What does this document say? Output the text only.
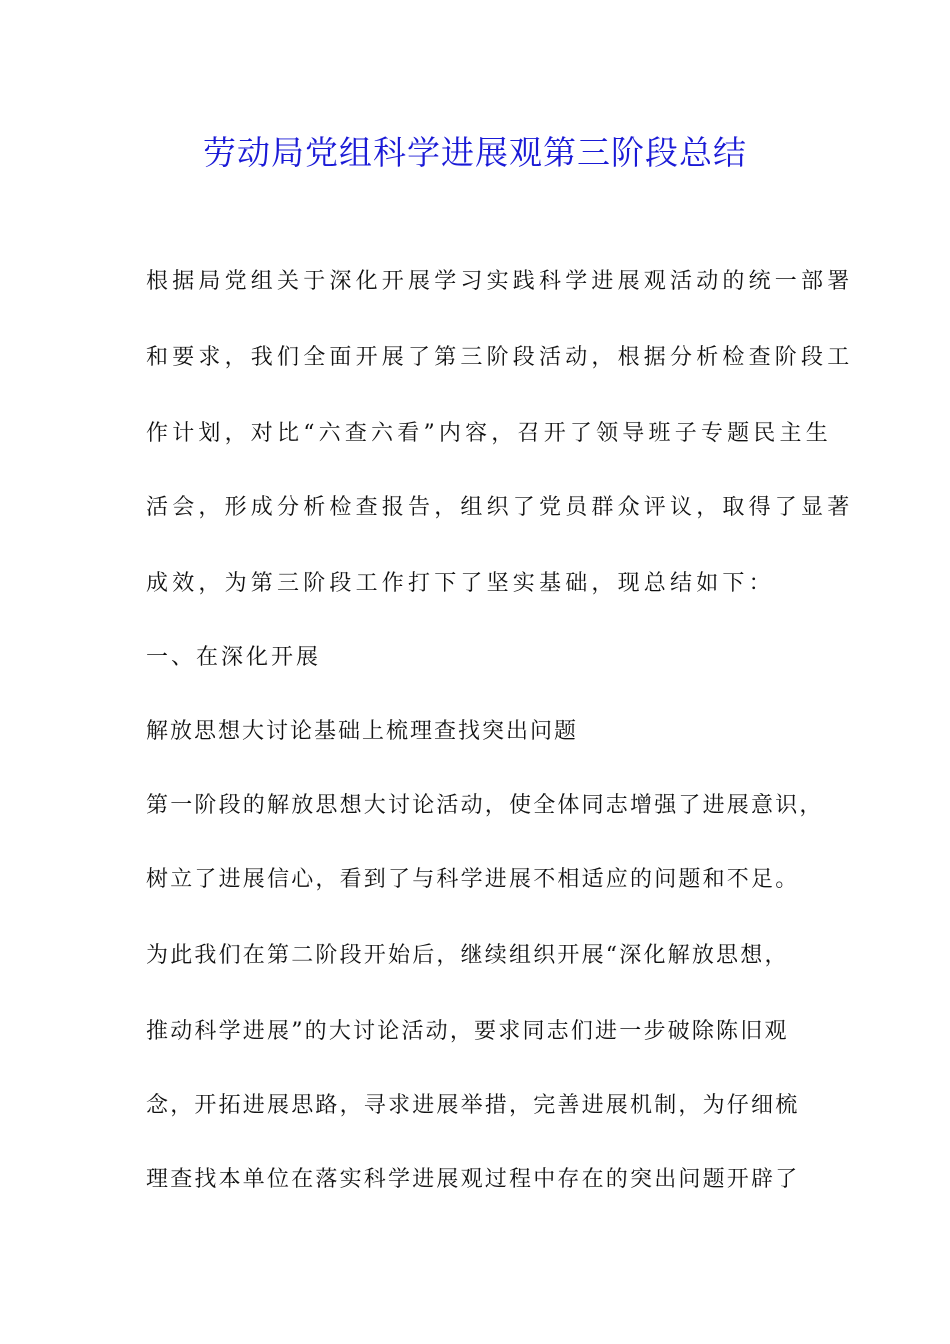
劳动局党组科学进展观第三阶段总结
根据局党组关于深化开展学习实践科学进展观活动的统一部署
和要求，我们全面开展了第三阶段活动，根据分析检查阶段工
作计划，对比“六查六看”内容，召开了领导班子专题民主生
活会，形成分析检查报告，组织了党员群众评议，取得了显著
成效，为第三阶段工作打下了坚实基础，现总结如下：
一、在深化开展
解放思想大讨论基础上梳理查找突出问题
第一阶段的解放思想大讨论活动，使全体同志增强了进展意识，
树立了进展信心，看到了与科学进展不相适应的问题和不足。
为此我们在第二阶段开始后，继续组织开展“深化解放思想，
推动科学进展”的大讨论活动，要求同志们进一步破除陈旧观
念，开拓进展思路，寻求进展举措，完善进展机制，为仔细梳
理查找本单位在落实科学进展观过程中存在的突出问题开辟了
